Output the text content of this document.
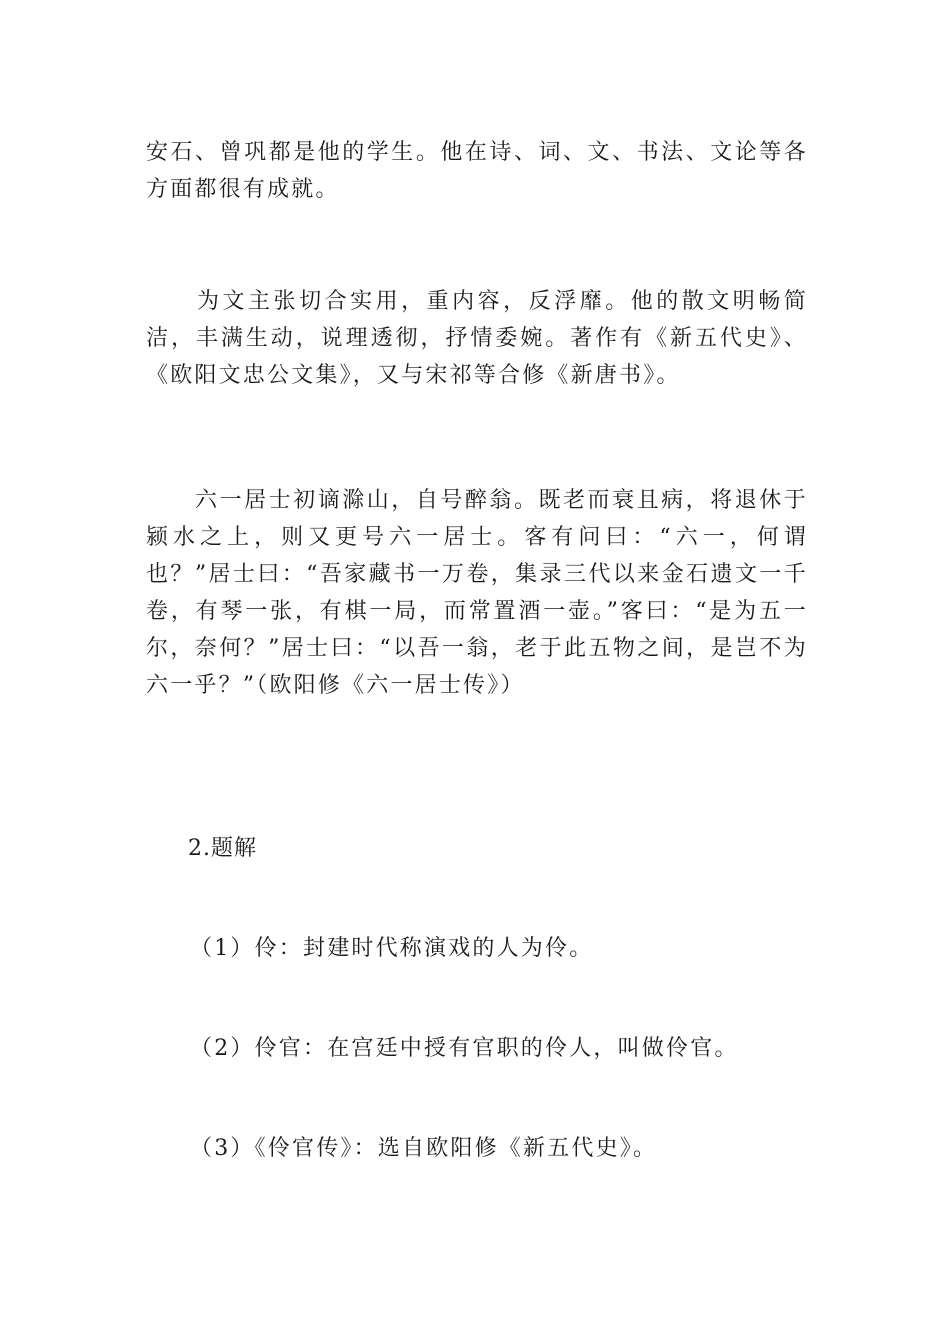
安石、曾巩都是他的学生。他在诗、词、文、书法、文论等各方面都很有成就。

　　为文主张切合实用，重内容，反浮靡。他的散文明畅简洁，丰满生动，说理透彻，抒情委婉。著作有《新五代史》、《欧阳文忠公文集》，又与宋祁等合修《新唐书》。

　　六一居士初谪滁山，自号醉翁。既老而衰且病，将退休于颍水之上，则又更号六一居士。客有问曰：“六一，何谓也？”居士曰：“吾家藏书一万卷，集录三代以来金石遗文一千卷，有琴一张，有棋一局，而常置酒一壶。”客曰：“是为五一尔，奈何？”居士曰：“以吾一翁，老于此五物之间，是岂不为六一乎？”（欧阳修《六一居士传》）

2.题解

（1）伶：封建时代称演戏的人为伶。

（2）伶官：在宫廷中授有官职的伶人，叫做伶官。

（3）《伶官传》：选自欧阳修《新五代史》。
